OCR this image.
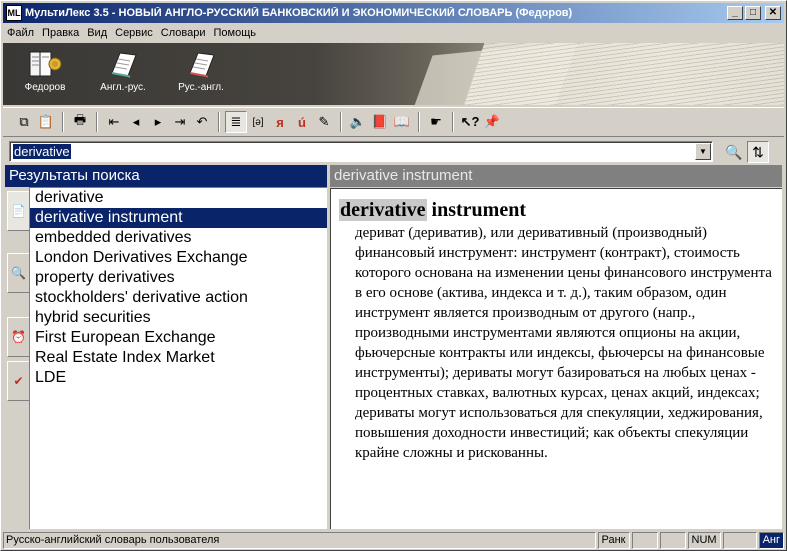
ML МультиЛекс 3.5 - НОВЫЙ АНГЛО-РУССКИЙ БАНКОВСКИЙ И ЭКОНОМИЧЕСКИЙ СЛОВАРЬ (Федоров)	_	□	✕
Файл Правка Вид Сервис Словари Помощь
Федоров	Англ.-рус.	Рус.-англ.
⧉ 📋 🖶 ⇤ ◂ ▸ ⇥ ↶ ≣ [ə] я ú ✎ 🔈 📕 📖 ☛ ↖? 📌
derivative	▼ 🔍 ⇅
Результаты поиска
📄
🔍
⏰
✔
derivative
derivative instrument
embedded derivatives
London Derivatives Exchange
property derivatives
stockholders' derivative action
hybrid securities
First European Exchange
Real Estate Index Market
LDE
derivative instrument
derivative instrument
дериват (дериватив), или деривативный (производный) финансовый инструмент: инструмент (контракт), стоимость которого основана на изменении цены финансового инструмента в его основе (актива, индекса и т. д.), таким образом, один инструмент является производным от другого (напр., производными инструментами являются опционы на акции, фьючерсные контракты или индексы, фьючерсы на финансовые инструменты); дериваты могут базироваться на любых ценах - процентных ставках, валютных курсах, ценах акций, индексах; дериваты могут использоваться для спекуляции, хеджирования, повышения доходности инвестиций; как объекты спекуляции крайне сложны и рискованны.
Русско-английский словарь пользователя	Ранк	NUM	Анг
